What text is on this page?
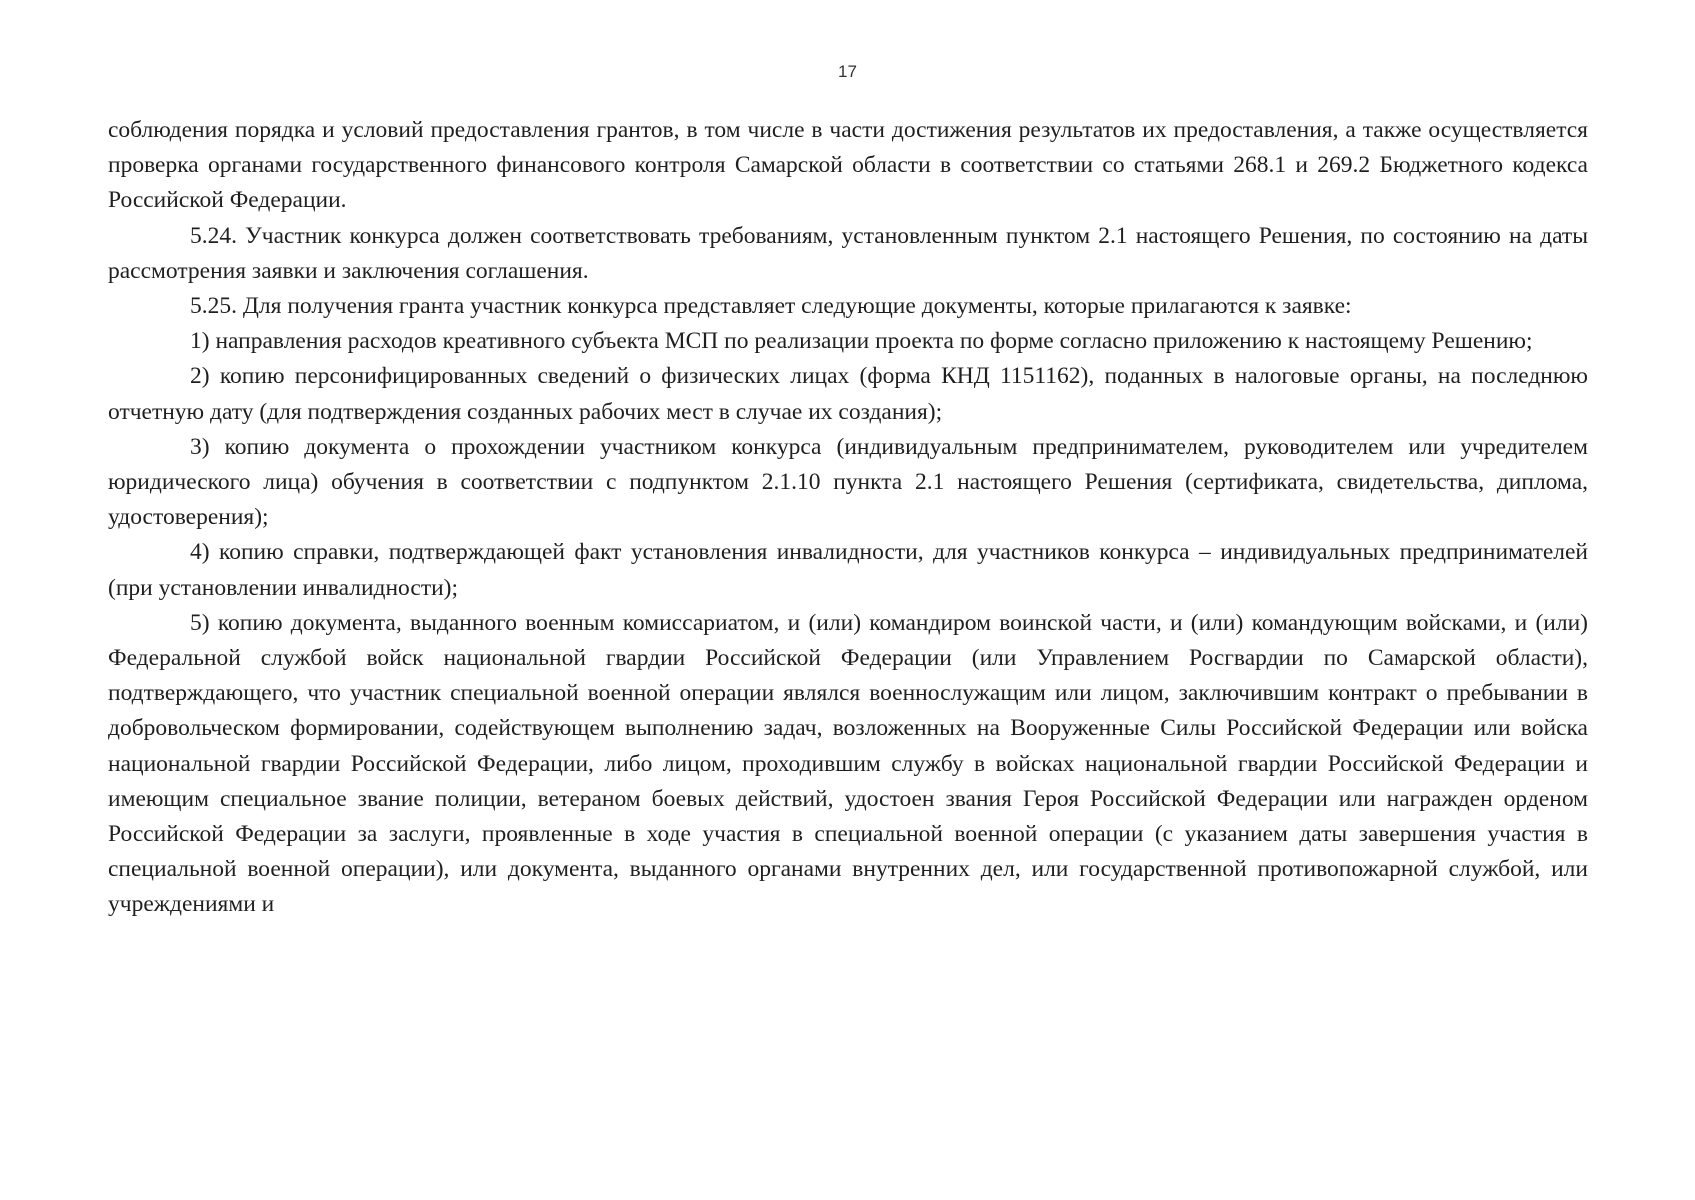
17

соблюдения порядка и условий предоставления грантов, в том числе в части достижения результатов их предоставления, а также осуществляется проверка органами государственного финансового контроля Самарской области в соответствии со статьями 268.1 и 269.2 Бюджетного кодекса Российской Федерации.

5.24. Участник конкурса должен соответствовать требованиям, установленным пунктом 2.1 настоящего Решения, по состоянию на даты рассмотрения заявки и заключения соглашения.

5.25. Для получения гранта участник конкурса представляет следующие документы, которые прилагаются к заявке:

1) направления расходов креативного субъекта МСП по реализации проекта по форме согласно приложению к настоящему Решению;

2) копию персонифицированных сведений о физических лицах (форма КНД 1151162), поданных в налоговые органы, на последнюю отчетную дату (для подтверждения созданных рабочих мест в случае их создания);

3) копию документа о прохождении участником конкурса (индивидуальным предпринимателем, руководителем или учредителем юридического лица) обучения в соответствии с подпунктом 2.1.10 пункта 2.1 настоящего Решения (сертификата, свидетельства, диплома, удостоверения);

4) копию справки, подтверждающей факт установления инвалидности, для участников конкурса – индивидуальных предпринимателей (при установлении инвалидности);

5) копию документа, выданного военным комиссариатом, и (или) командиром воинской части, и (или) командующим войсками, и (или) Федеральной службой войск национальной гвардии Российской Федерации (или Управлением Росгвардии по Самарской области), подтверждающего, что участник специальной военной операции являлся военнослужащим или лицом, заключившим контракт о пребывании в добровольческом формировании, содействующем выполнению задач, возложенных на Вооруженные Силы Российской Федерации или войска национальной гвардии Российской Федерации, либо лицом, проходившим службу в войсках национальной гвардии Российской Федерации и имеющим специальное звание полиции, ветераном боевых действий, удостоен звания Героя Российской Федерации или награжден орденом Российской Федерации за заслуги, проявленные в ходе участия в специальной военной операции (с указанием даты завершения участия в специальной военной операции), или документа, выданного органами внутренних дел, или государственной противопожарной службой, или учреждениями и
